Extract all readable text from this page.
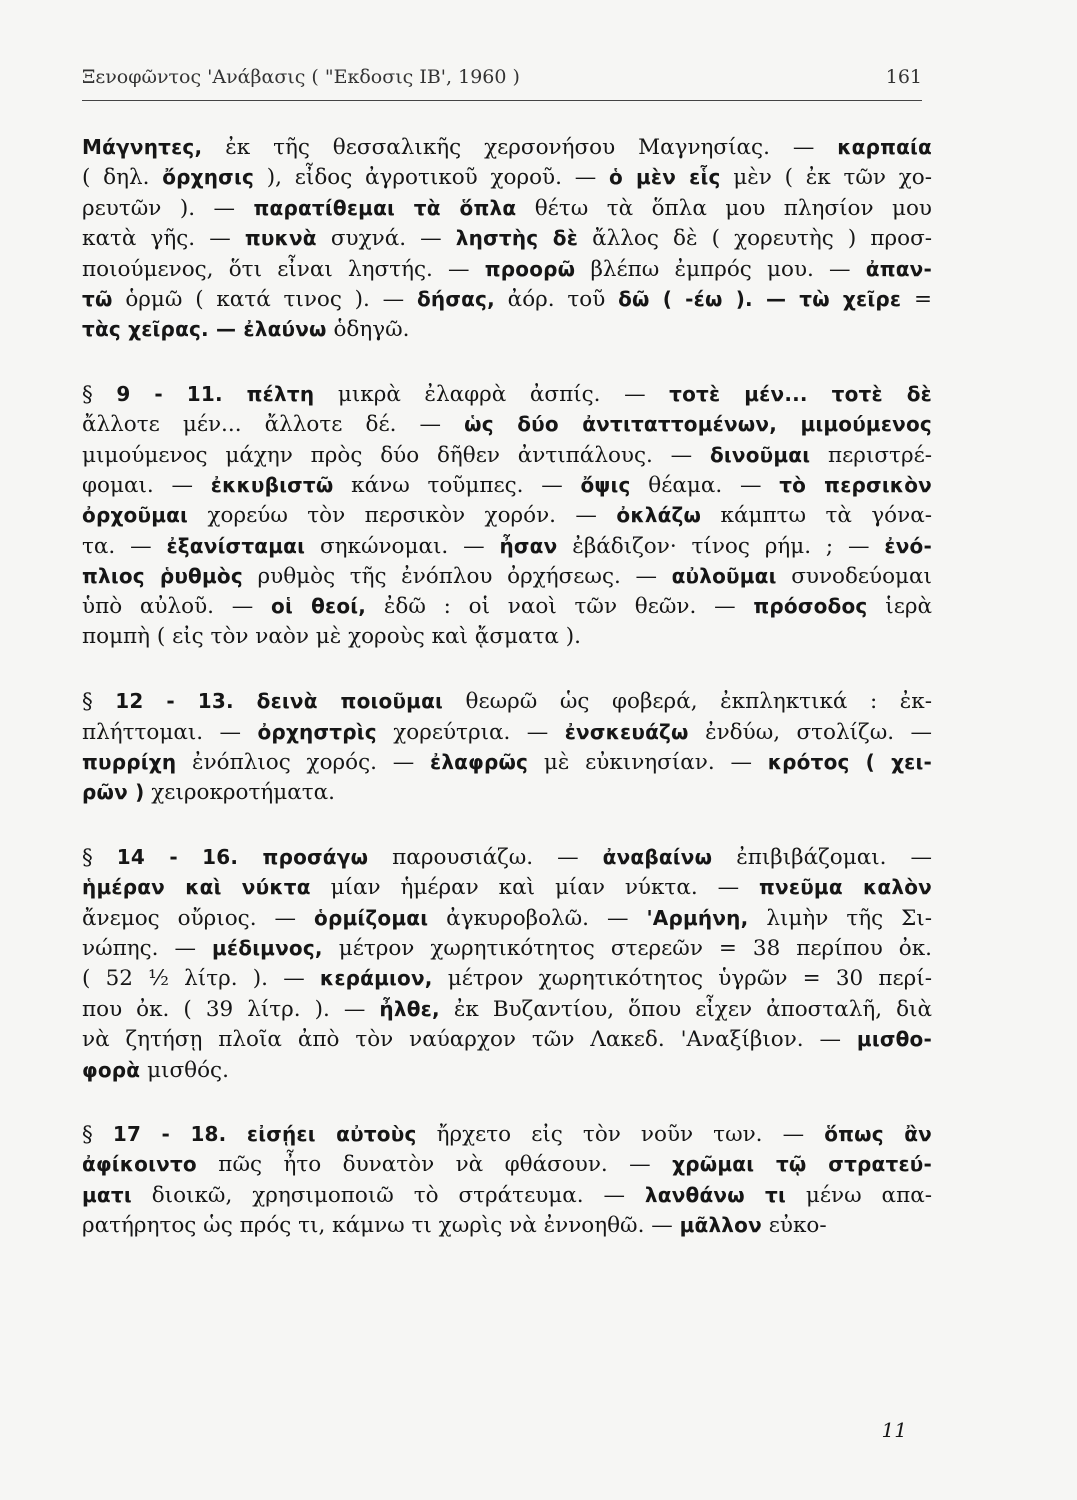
Ξενοφῶντος 'Ανάβασις ( "Εκδοσις ΙΒ', 1960 )	161

Μάγνητες, ἐκ τῆς θεσσαλικῆς χερσονήσου Μαγνησίας. — καρπαία
( δηλ. ὄρχησις ), εἶδος ἀγροτικοῦ χοροῦ. — ὁ μὲν εἷς μὲν ( ἐκ τῶν χο-
ρευτῶν ). — παρατίθεμαι τὰ ὅπλα θέτω τὰ ὅπλα μου πλησίον μου
κατὰ γῆς. — πυκνὰ συχνά. — ληστὴς δὲ ἄλλος δὲ ( χορευτὴς ) προσ-
ποιούμενος, ὅτι εἶναι ληστής. — προορῶ βλέπω ἐμπρός μου. — ἀπαν-
τῶ ὁρμῶ ( κατά τινος ). — δήσας, ἀόρ. τοῦ δῶ ( -έω ). — τὼ χεῖρε =
τὰς χεῖρας. — ἐλαύνω ὁδηγῶ.

§ 9 - 11. πέλτη μικρὰ ἐλαφρὰ ἀσπίς. — τοτὲ μέν... τοτὲ δὲ
ἄλλοτε μέν... ἄλλοτε δέ. — ὡς δύο ἀντιταττομένων, μιμούμενος
μιμούμενος μάχην πρὸς δύο δῆθεν ἀντιπάλους. — δινοῦμαι περιστρέ-
φομαι. — ἐκκυβιστῶ κάνω τοῦμπες. — ὄψις θέαμα. — τὸ περσικὸν
ὀρχοῦμαι χορεύω τὸν περσικὸν χορόν. — ὀκλάζω κάμπτω τὰ γόνα-
τα. — ἐξανίσταμαι σηκώνομαι. — ἦσαν ἐβάδιζον· τίνος ρήμ. ; — ἐνό-
πλιος ῥυθμὸς ρυθμὸς τῆς ἐνόπλου ὀρχήσεως. — αὐλοῦμαι συνοδεύομαι
ὑπὸ αὐλοῦ. — οἱ θεοί, ἐδῶ : οἱ ναοὶ τῶν θεῶν. — πρόσοδος ἱερὰ
πομπὴ ( εἰς τὸν ναὸν μὲ χοροὺς καὶ ᾄσματα ).

§ 12 - 13. δεινὰ ποιοῦμαι θεωρῶ ὡς φοβερά, ἐκπληκτικά : ἐκ-
πλήττομαι. — ὀρχηστρὶς χορεύτρια. — ἐνσκευάζω ἐνδύω, στολίζω. —
πυρρίχη ἐνόπλιος χορός. — ἐλαφρῶς μὲ εὐκινησίαν. — κρότος ( χει-
ρῶν ) χειροκροτήματα.

§ 14 - 16. προσάγω παρουσιάζω. — ἀναβαίνω ἐπιβιβάζομαι. —
ἡμέραν καὶ νύκτα μίαν ἡμέραν καὶ μίαν νύκτα. — πνεῦμα καλὸν
ἄνεμος οὔριος. — ὁρμίζομαι ἀγκυροβολῶ. — 'Αρμήνη, λιμὴν τῆς Σι-
νώπης. — μέδιμνος, μέτρον χωρητικότητος στερεῶν = 38 περίπου ὀκ.
( 52 ½ λίτρ. ). — κεράμιον, μέτρον χωρητικότητος ὑγρῶν = 30 περί-
που ὀκ. ( 39 λίτρ. ). — ἦλθε, ἐκ Βυζαντίου, ὅπου εἶχεν ἀποσταλῆ, διὰ
νὰ ζητήσῃ πλοῖα ἀπὸ τὸν ναύαρχον τῶν Λακεδ. 'Αναξίβιον. — μισθο-
φορὰ μισθός.

§ 17 - 18. εἰσῄει αὐτοὺς ἤρχετο εἰς τὸν νοῦν των. — ὅπως ἂν
ἀφίκοιντο πῶς ἦτο δυνατὸν νὰ φθάσουν. — χρῶμαι τῷ στρατεύ-
ματι διοικῶ, χρησιμοποιῶ τὸ στράτευμα. — λανθάνω τι μένω απα-
ρατήρητος ὡς πρός τι, κάμνω τι χωρὶς νὰ ἐννοηθῶ. — μᾶλλον εὐκο-

11
